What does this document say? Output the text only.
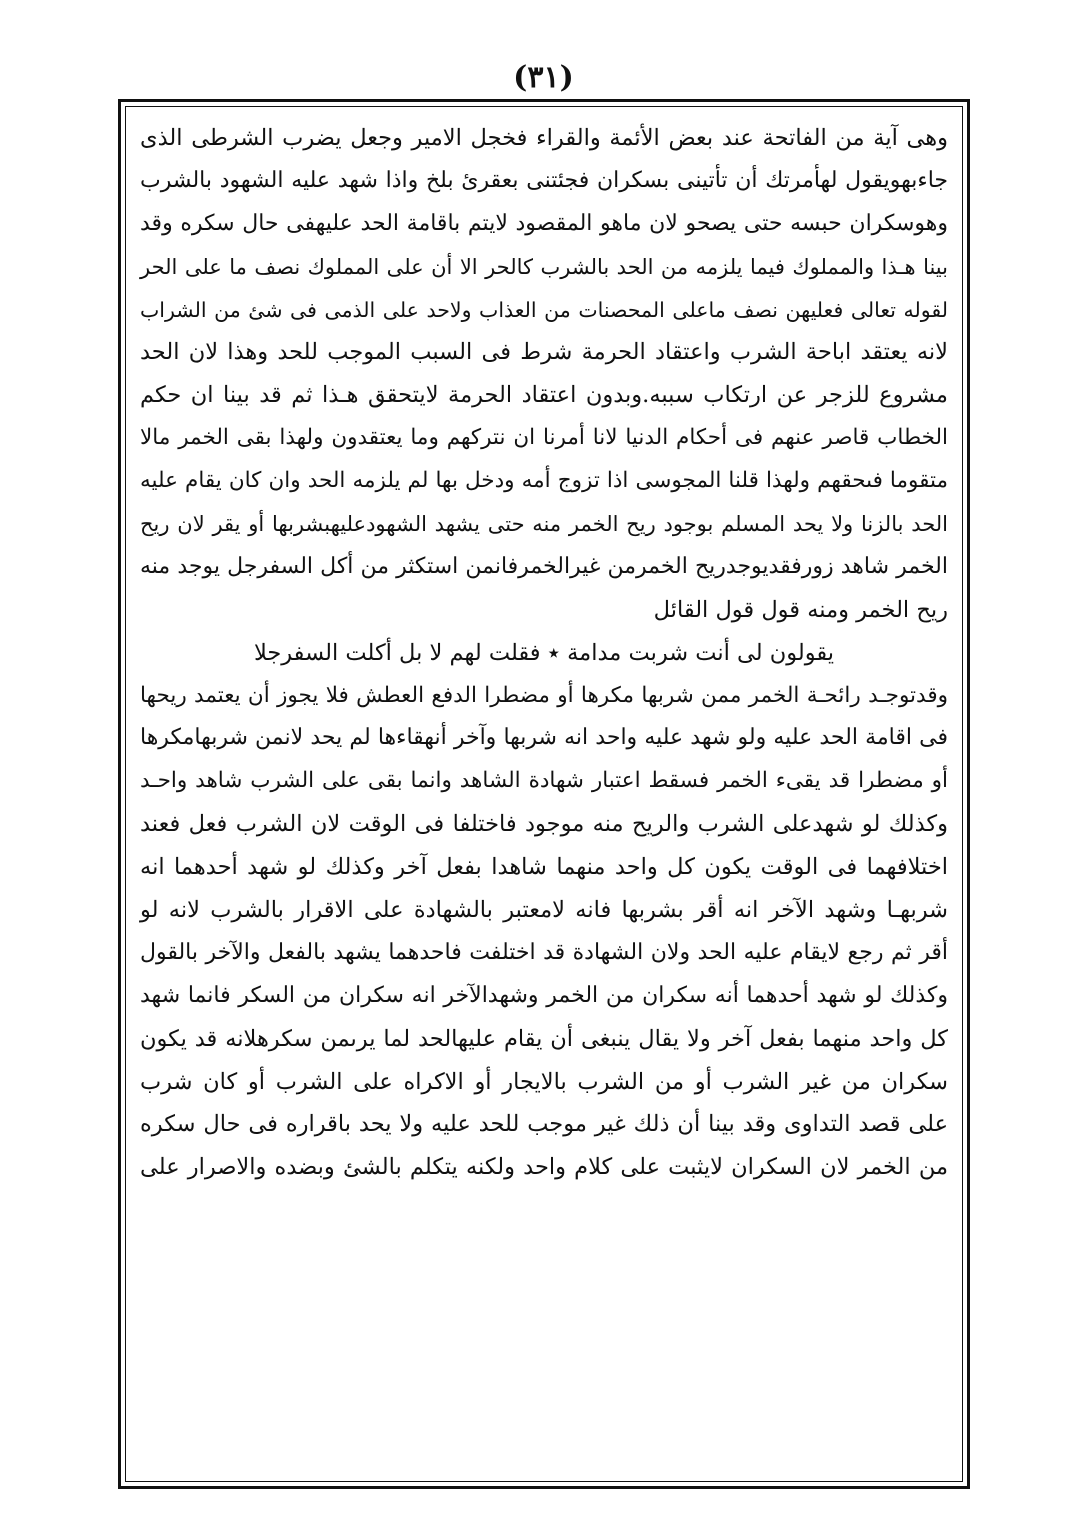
(٣١)
وهى آية من الفاتحة عند بعض الأئمة والقراء فخجل الامير وجعل يضرب الشرطى الذى
جاءبهويقول لهأمرتك أن تأتينى بسكران فجئتنى بعقرىٔ بلخ واذا شهد عليه الشهود بالشرب
وهوسكران حبسه حتى يصحو لان ماهو المقصود لايتم باقامة الحد عليهفى حال سكره وقد
بينا هـذا والمملوك فيما يلزمه من الحد بالشرب كالحر الا أن على المملوك نصف ما على الحر
لقوله تعالى فعليهن نصف ماعلى المحصنات من العذاب ولاحد على الذمى فى شئ من الشراب
لانه يعتقد اباحة الشرب واعتقاد الحرمة شرط فى السبب الموجب للحد وهذا لان الحد
مشروع للزجر عن ارتكاب سببه.وبدون اعتقاد الحرمة لايتحقق هـذا ثم قد بينا ان حكم
الخطاب قاصر عنهم فى أحكام الدنيا لانا أمرنا ان نتركهم وما يعتقدون ولهذا بقى الخمر مالا
متقوما فىحقهم ولهذا قلنا المجوسى اذا تزوج أمه ودخل بها لم يلزمه الحد وان كان يقام عليه
الحد بالزنا ولا يحد المسلم بوجود ريح الخمر منه حتى يشهد الشهودعليهبشربها أو يقر لان ريح
الخمر شاهد زورفقديوجدريح الخمرمن غيرالخمرفانمن استكثر من أكل السفرجل يوجد منه
ريح الخمر ومنه قول قول القائل
يقولون لى أنت شربت مدامة ٭ فقلت لهم لا بل أكلت السفرجلا
وقدتوجـد رائحـة الخمر ممن شربها مكرها أو مضطرا الدفع العطش فلا يجوز أن يعتمد ريحها
فى اقامة الحد عليه ولو شهد عليه واحد انه شربها وآخر أنهقاءها لم يحد لانمن شربهامكرها
أو مضطرا قد يقىء الخمر فسقط اعتبار شهادة الشاهد وانما بقى على الشرب شاهد واحـد
وكذلك لو شهدعلى الشرب والريح منه موجود فاختلفا فى الوقت لان الشرب فعل فعند
اختلافهما فى الوقت يكون كل واحد منهما شاهدا بفعل آخر وكذلك لو شهد أحدهما انه
شربهـا وشهد الآخر انه أقر بشربها فانه لامعتبر بالشهادة على الاقرار بالشرب لانه لو
أقر ثم رجع لايقام عليه الحد ولان الشهادة قد اختلفت فاحدهما يشهد بالفعل والآخر بالقول
وكذلك لو شهد أحدهما أنه سكران من الخمر وشهدالآخر انه سكران من السكر فانما شهد
كل واحد منهما بفعل آخر ولا يقال ينبغى أن يقام عليهالحد لما يرىمن سكرهلانه قد يكون
سكران من غير الشرب أو من الشرب بالايجار أو الاكراه على الشرب أو كان شرب
على قصد التداوى وقد بينا أن ذلك غير موجب للحد عليه ولا يحد باقراره فى حال سكره
من الخمر لان السكران لايثبت على كلام واحد ولكنه يتكلم بالشئ وبضده والاصرار على
